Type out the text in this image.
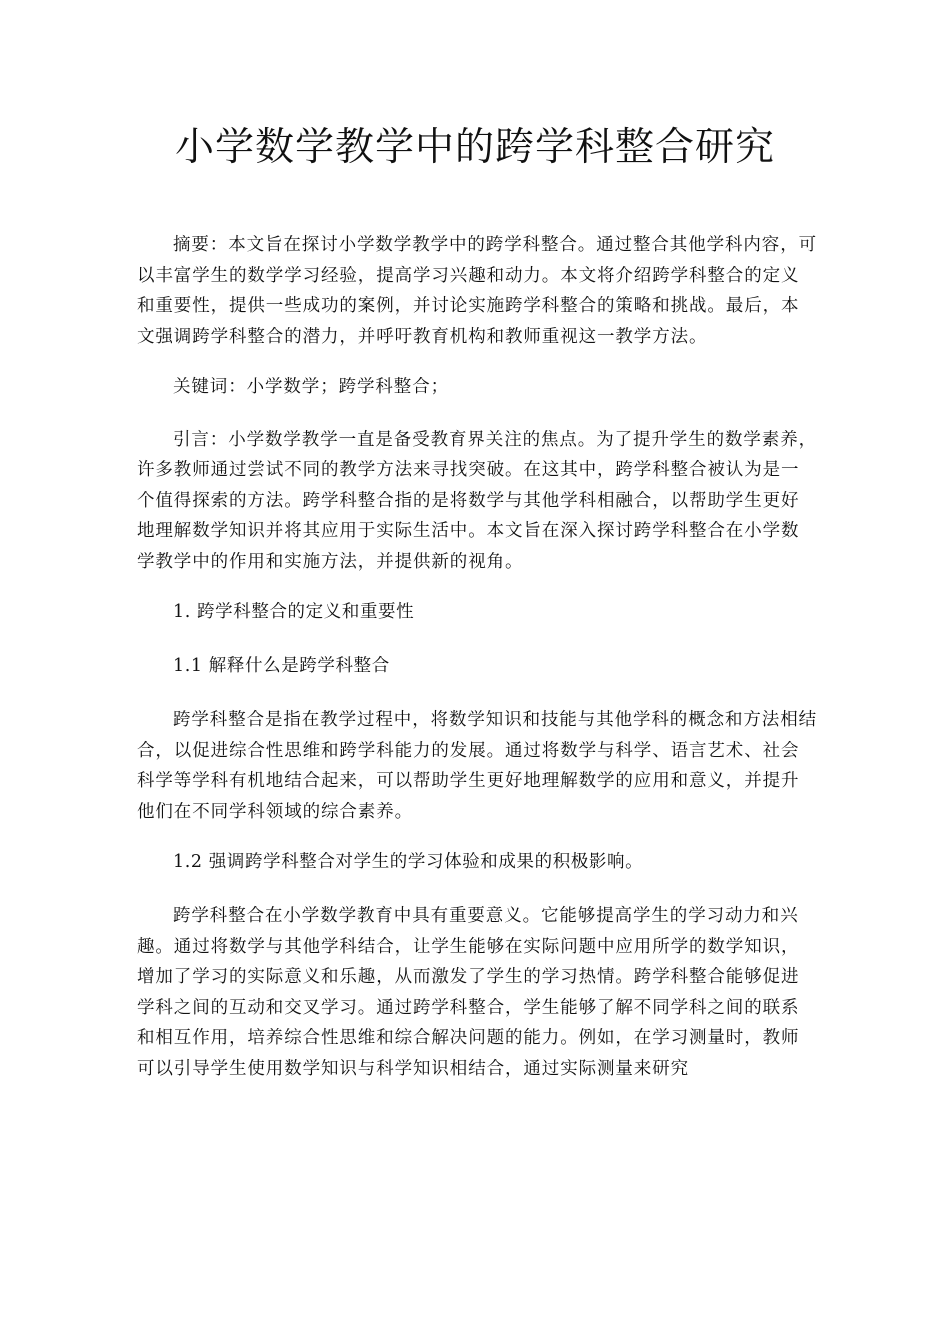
小学数学教学中的跨学科整合研究

摘要：本文旨在探讨小学数学教学中的跨学科整合。通过整合其他学科内容，可以丰富学生的数学学习经验，提高学习兴趣和动力。本文将介绍跨学科整合的定义和重要性，提供一些成功的案例，并讨论实施跨学科整合的策略和挑战。最后，本文强调跨学科整合的潜力，并呼吁教育机构和教师重视这一教学方法。

关键词：小学数学；跨学科整合；

引言：小学数学教学一直是备受教育界关注的焦点。为了提升学生的数学素养，许多教师通过尝试不同的教学方法来寻找突破。在这其中，跨学科整合被认为是一个值得探索的方法。跨学科整合指的是将数学与其他学科相融合，以帮助学生更好地理解数学知识并将其应用于实际生活中。本文旨在深入探讨跨学科整合在小学数学教学中的作用和实施方法，并提供新的视角。

1. 跨学科整合的定义和重要性

1.1 解释什么是跨学科整合

跨学科整合是指在教学过程中，将数学知识和技能与其他学科的概念和方法相结合，以促进综合性思维和跨学科能力的发展。通过将数学与科学、语言艺术、社会科学等学科有机地结合起来，可以帮助学生更好地理解数学的应用和意义，并提升他们在不同学科领域的综合素养。

1.2 强调跨学科整合对学生的学习体验和成果的积极影响。

跨学科整合在小学数学教育中具有重要意义。它能够提高学生的学习动力和兴趣。通过将数学与其他学科结合，让学生能够在实际问题中应用所学的数学知识，增加了学习的实际意义和乐趣，从而激发了学生的学习热情。跨学科整合能够促进学科之间的互动和交叉学习。通过跨学科整合，学生能够了解不同学科之间的联系和相互作用，培养综合性思维和综合解决问题的能力。例如，在学习测量时，教师可以引导学生使用数学知识与科学知识相结合，通过实际测量来研究
